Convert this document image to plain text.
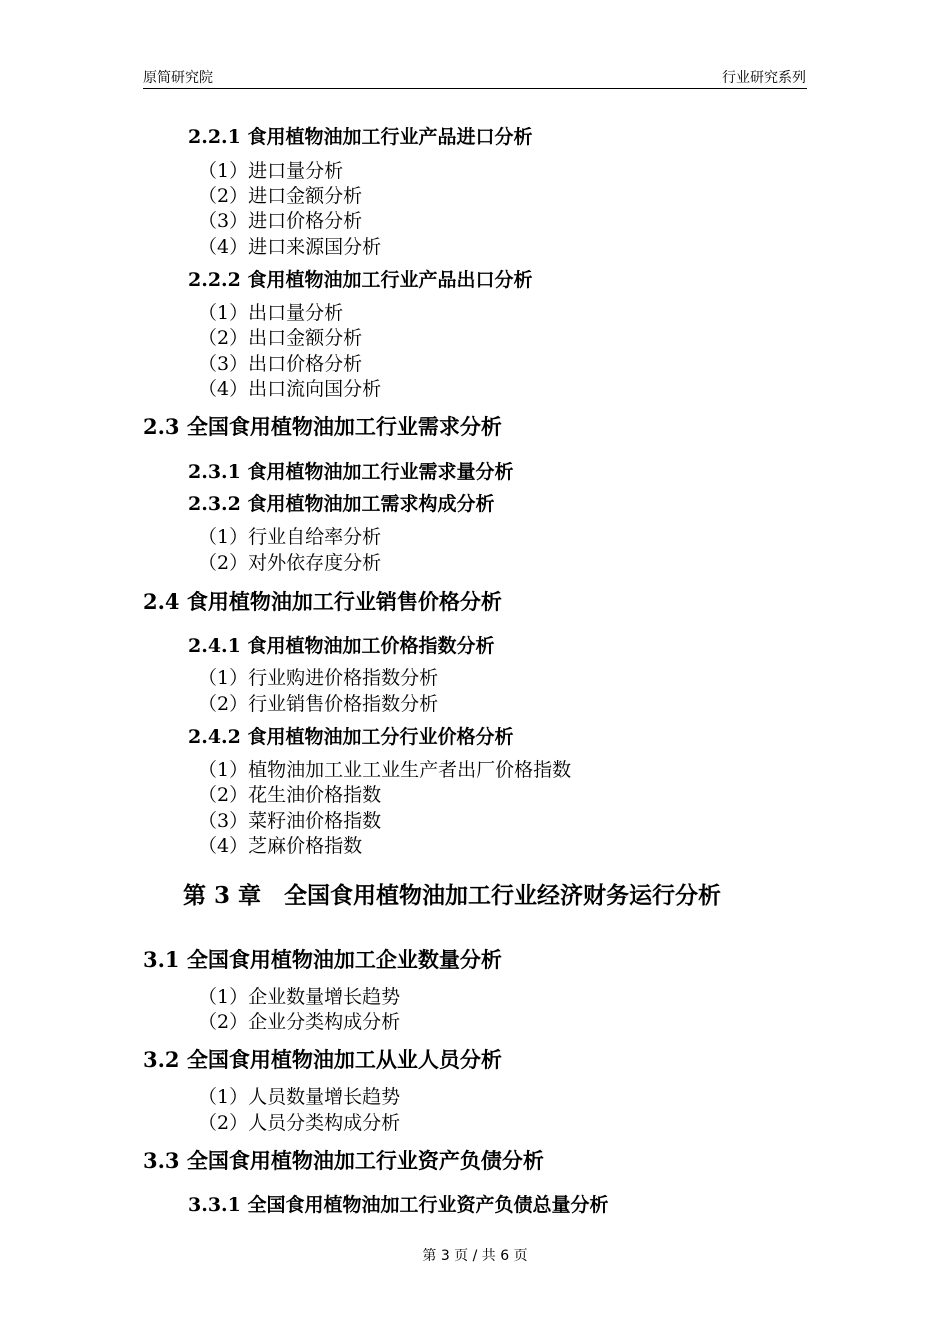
原简研究院	行业研究系列
2.2.1 食用植物油加工行业产品进口分析
（1）进口量分析
（2）进口金额分析
（3）进口价格分析
（4）进口来源国分析
2.2.2 食用植物油加工行业产品出口分析
（1）出口量分析
（2）出口金额分析
（3）出口价格分析
（4）出口流向国分析
2.3 全国食用植物油加工行业需求分析
2.3.1 食用植物油加工行业需求量分析
2.3.2 食用植物油加工需求构成分析
（1）行业自给率分析
（2）对外依存度分析
2.4 食用植物油加工行业销售价格分析
2.4.1 食用植物油加工价格指数分析
（1）行业购进价格指数分析
（2）行业销售价格指数分析
2.4.2 食用植物油加工分行业价格分析
（1）植物油加工业工业生产者出厂价格指数
（2）花生油价格指数
（3）菜籽油价格指数
（4）芝麻价格指数
第 3 章　全国食用植物油加工行业经济财务运行分析
3.1 全国食用植物油加工企业数量分析
（1）企业数量增长趋势
（2）企业分类构成分析
3.2 全国食用植物油加工从业人员分析
（1）人员数量增长趋势
（2）人员分类构成分析
3.3 全国食用植物油加工行业资产负债分析
3.3.1 全国食用植物油加工行业资产负债总量分析
第 3 页 / 共 6 页
